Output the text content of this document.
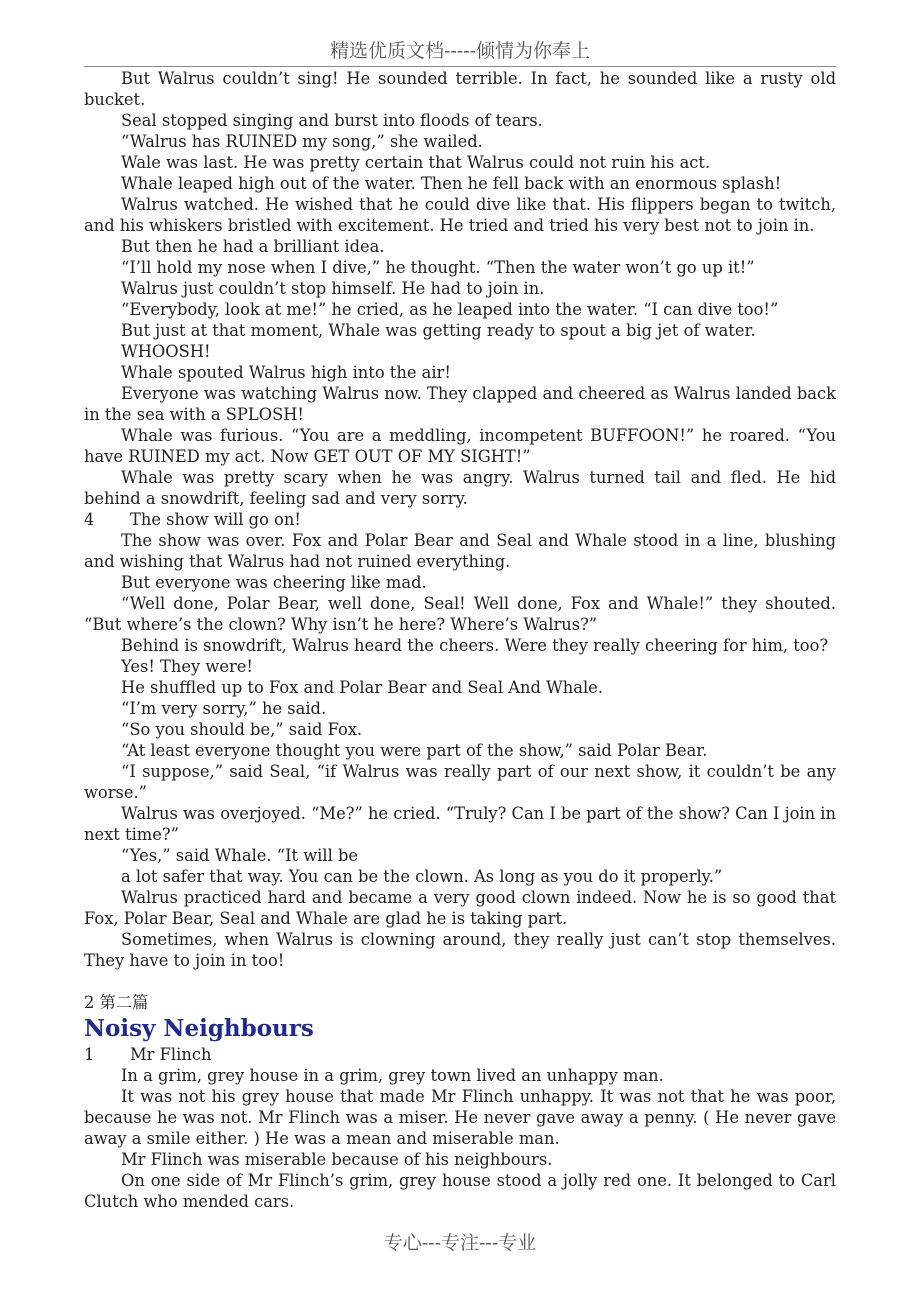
精选优质文档-----倾情为你奉上

But Walrus couldn’t sing! He sounded terrible. In fact, he sounded like a rusty old bucket.

Seal stopped singing and burst into floods of tears.

“Walrus has RUINED my song,” she wailed.

Wale was last. He was pretty certain that Walrus could not ruin his act.

Whale leaped high out of the water. Then he fell back with an enormous splash!

Walrus watched. He wished that he could dive like that. His flippers began to twitch, and his whiskers bristled with excitement. He tried and tried his very best not to join in.

But then he had a brilliant idea.

“I’ll hold my nose when I dive,” he thought. “Then the water won’t go up it!”

Walrus just couldn’t stop himself. He had to join in.

“Everybody, look at me!” he cried, as he leaped into the water. “I can dive too!”

But just at that moment, Whale was getting ready to spout a big jet of water.

WHOOSH!

Whale spouted Walrus high into the air!

Everyone was watching Walrus now. They clapped and cheered as Walrus landed back in the sea with a SPLOSH!

Whale was furious. “You are a meddling, incompetent BUFFOON!” he roared. “You have RUINED my act. Now GET OUT OF MY SIGHT!”

Whale was pretty scary when he was angry. Walrus turned tail and fled. He hid behind a snowdrift, feeling sad and very sorry.

4 The show will go on!

The show was over. Fox and Polar Bear and Seal and Whale stood in a line, blushing and wishing that Walrus had not ruined everything.

But everyone was cheering like mad.

“Well done, Polar Bear, well done, Seal! Well done, Fox and Whale!” they shouted. “But where’s the clown? Why isn’t he here? Where’s Walrus?”

Behind is snowdrift, Walrus heard the cheers. Were they really cheering for him, too?

Yes! They were!

He shuffled up to Fox and Polar Bear and Seal And Whale.

“I’m very sorry,” he said.

“So you should be,” said Fox.

“At least everyone thought you were part of the show,” said Polar Bear.

“I suppose,” said Seal, “if Walrus was really part of our next show, it couldn’t be any worse.”

Walrus was overjoyed. “Me?” he cried. “Truly? Can I be part of the show? Can I join in next time?”

“Yes,” said Whale. “It will be

a lot safer that way. You can be the clown. As long as you do it properly.”

Walrus practiced hard and became a very good clown indeed. Now he is so good that Fox, Polar Bear, Seal and Whale are glad he is taking part.

Sometimes, when Walrus is clowning around, they really just can’t stop themselves. They have to join in too!

2 第二篇

Noisy Neighbours

1 Mr Flinch

In a grim, grey house in a grim, grey town lived an unhappy man.

It was not his grey house that made Mr Flinch unhappy. It was not that he was poor, because he was not. Mr Flinch was a miser. He never gave away a penny. ( He never gave away a smile either. ) He was a mean and miserable man.

Mr Flinch was miserable because of his neighbours.

On one side of Mr Flinch’s grim, grey house stood a jolly red one. It belonged to Carl Clutch who mended cars.

专心---专注---专业
